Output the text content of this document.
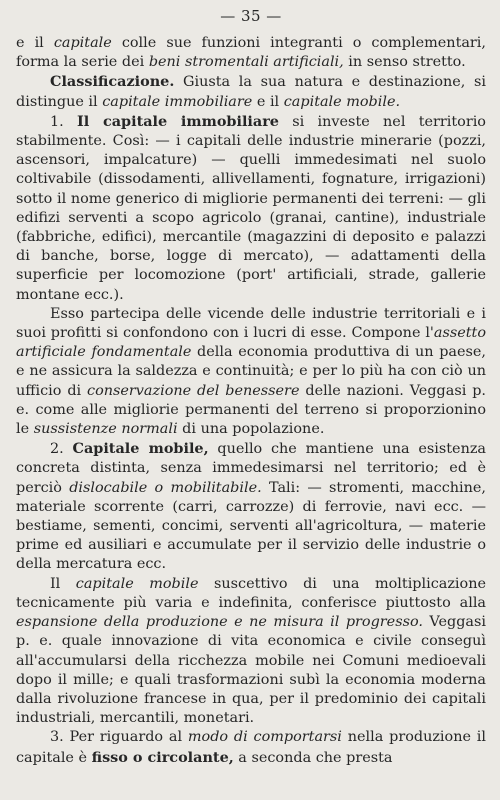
— 35 —

e il capitale colle sue funzioni integranti o complementari, forma la serie dei beni stromentali artificiali, in senso stretto.

Classificazione. Giusta la sua natura e destinazione, si distingue il capitale immobiliare e il capitale mobile.

1. Il capitale immobiliare si investe nel territorio stabilmente. Così: — i capitali delle industrie minerarie (pozzi, ascensori, impalcature) — quelli immedesimati nel suolo coltivabile (dissodamenti, allivellamenti, fognature, irrigazioni) sotto il nome generico di migliorie permanenti dei terreni: — gli edifizi serventi a scopo agricolo (granai, cantine), industriale (fabbriche, edifici), mercantile (magazzini di deposito e palazzi di banche, borse, logge di mercato), — adattamenti della superficie per locomozione (port' artificiali, strade, gallerie montane ecc.).

Esso partecipa delle vicende delle industrie territoriali e i suoi profitti si confondono con i lucri di esse. Compone l'assetto artificiale fondamentale della economia produttiva di un paese, e ne assicura la saldezza e continuità; e per lo più ha con ciò un ufficio di conservazione del benessere delle nazioni. Veggasi p. e. come alle migliorie permanenti del terreno si proporzionino le sussistenze normali di una popolazione.

2. Capitale mobile, quello che mantiene una esistenza concreta distinta, senza immedesimarsi nel territorio; ed è perciò dislocabile o mobilitabile. Tali: — stromenti, macchine, materiale scorrente (carri, carrozze) di ferrovie, navi ecc. — bestiame, sementi, concimi, serventi all'agricoltura, — materie prime ed ausiliari e accumulate per il servizio delle industrie o della mercatura ecc.

Il capitale mobile suscettivo di una moltiplicazione tecnicamente più varia e indefinita, conferisce piuttosto alla espansione della produzione e ne misura il progresso. Veggasi p. e. quale innovazione di vita economica e civile conseguì all'accumularsi della ricchezza mobile nei Comuni medioevali dopo il mille; e quali trasformazioni subì la economia moderna dalla rivoluzione francese in qua, per il predominio dei capitali industriali, mercantili, monetari.

3. Per riguardo al modo di comportarsi nella produzione il capitale è fisso o circolante, a seconda che presta
